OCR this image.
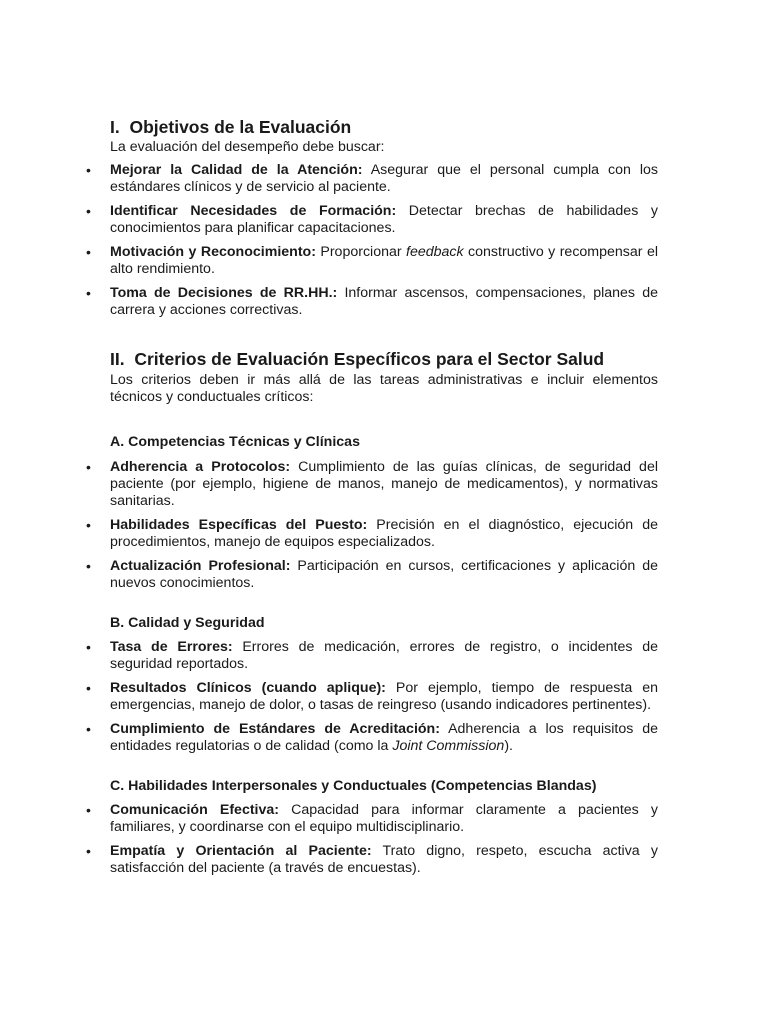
I. Objetivos de la Evaluación

La evaluación del desempeño debe buscar:

• Mejorar la Calidad de la Atención: Asegurar que el personal cumpla con los estándares clínicos y de servicio al paciente.
• Identificar Necesidades de Formación: Detectar brechas de habilidades y conocimientos para planificar capacitaciones.
• Motivación y Reconocimiento: Proporcionar feedback constructivo y recompensar el alto rendimiento.
• Toma de Decisiones de RR.HH.: Informar ascensos, compensaciones, planes de carrera y acciones correctivas.
II. Criterios de Evaluación Específicos para el Sector Salud

Los criterios deben ir más allá de las tareas administrativas e incluir elementos técnicos y conductuales críticos:

A. Competencias Técnicas y Clínicas
• Adherencia a Protocolos: Cumplimiento de las guías clínicas, de seguridad del paciente (por ejemplo, higiene de manos, manejo de medicamentos), y normativas sanitarias.
• Habilidades Específicas del Puesto: Precisión en el diagnóstico, ejecución de procedimientos, manejo de equipos especializados.
• Actualización Profesional: Participación en cursos, certificaciones y aplicación de nuevos conocimientos.
B. Calidad y Seguridad
• Tasa de Errores: Errores de medicación, errores de registro, o incidentes de seguridad reportados.
• Resultados Clínicos (cuando aplique): Por ejemplo, tiempo de respuesta en emergencias, manejo de dolor, o tasas de reingreso (usando indicadores pertinentes).
• Cumplimiento de Estándares de Acreditación: Adherencia a los requisitos de entidades regulatorias o de calidad (como la Joint Commission).
C. Habilidades Interpersonales y Conductuales (Competencias Blandas)
• Comunicación Efectiva: Capacidad para informar claramente a pacientes y familiares, y coordinarse con el equipo multidisciplinario.
• Empatía y Orientación al Paciente: Trato digno, respeto, escucha activa y satisfacción del paciente (a través de encuestas).
